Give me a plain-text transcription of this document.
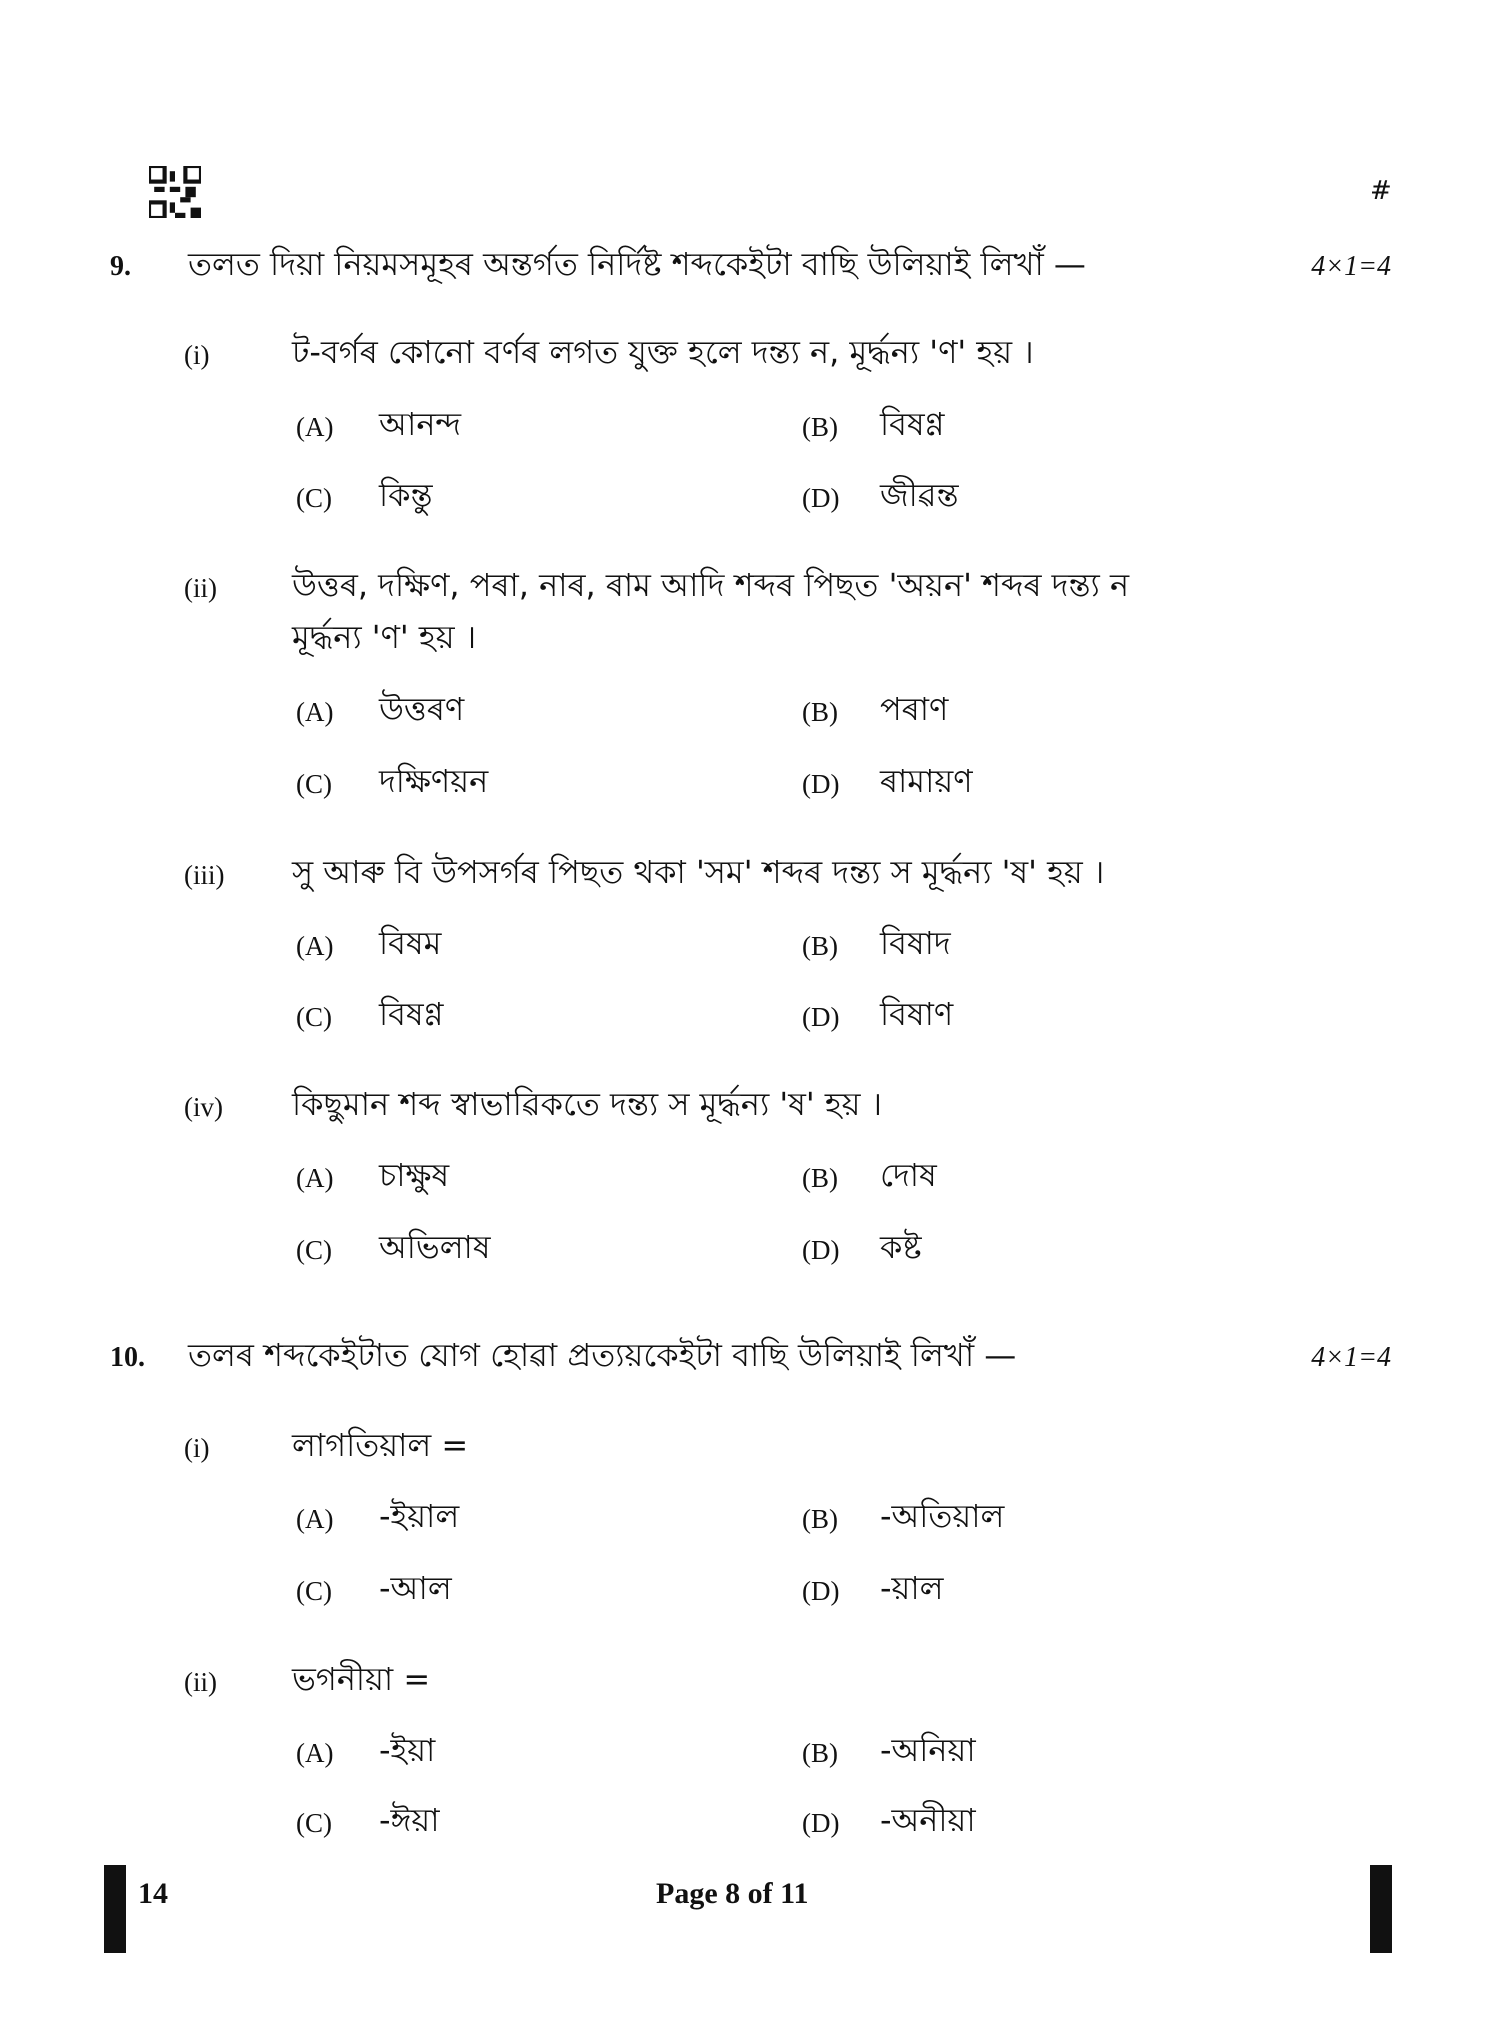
#
9. তলত দিয়া নিয়মসমূহৰ অন্তৰ্গত নিৰ্দিষ্ট শব্দকেইটা বাছি উলিয়াই লিখাঁ —	4×1=4
(i)	ট-বৰ্গৰ কোনো বৰ্ণৰ লগত যুক্ত হলে দন্ত্য ন, মূৰ্দ্ধন্য 'ণ' হয় ।
(A) আনন্দ	(B) বিষণ্ণ
(C) কিন্তু	(D) জীৱন্ত
(ii) উত্তৰ, দক্ষিণ, পৰা, নাৰ, ৰাম আদি শব্দৰ পিছত 'অয়ন' শব্দৰ দন্ত্য ন
মূৰ্দ্ধন্য 'ণ' হয় ।
(A) উত্তৰণ	(B) পৰাণ
(C) দক্ষিণয়ন	(D) ৰামায়ণ
(iii) সু আৰু বি উপসৰ্গৰ পিছত থকা 'সম' শব্দৰ দন্ত্য স মূৰ্দ্ধন্য 'ষ' হয় ।
(A) বিষম	(B) বিষাদ
(C) বিষণ্ণ	(D) বিষাণ
(iv) কিছুমান শব্দ স্বাভাৱিকতে দন্ত্য স মূৰ্দ্ধন্য 'ষ' হয় ।
(A) চাক্ষুষ	(B) দোষ
(C) অভিলাষ	(D) কষ্ট
10. তলৰ শব্দকেইটাত যোগ হোৱা প্ৰত্যয়কেইটা বাছি উলিয়াই লিখাঁ —	4×1=4
(i)	লাগতিয়াল =
(A) -ইয়াল	(B) -অতিয়াল
(C) -আল	(D) -য়াল
(ii) ভগনীয়া =
(A) -ইয়া	(B) -অনিয়া
(C) -ঈয়া	(D) -অনীয়া
14	Page 8 of 11
